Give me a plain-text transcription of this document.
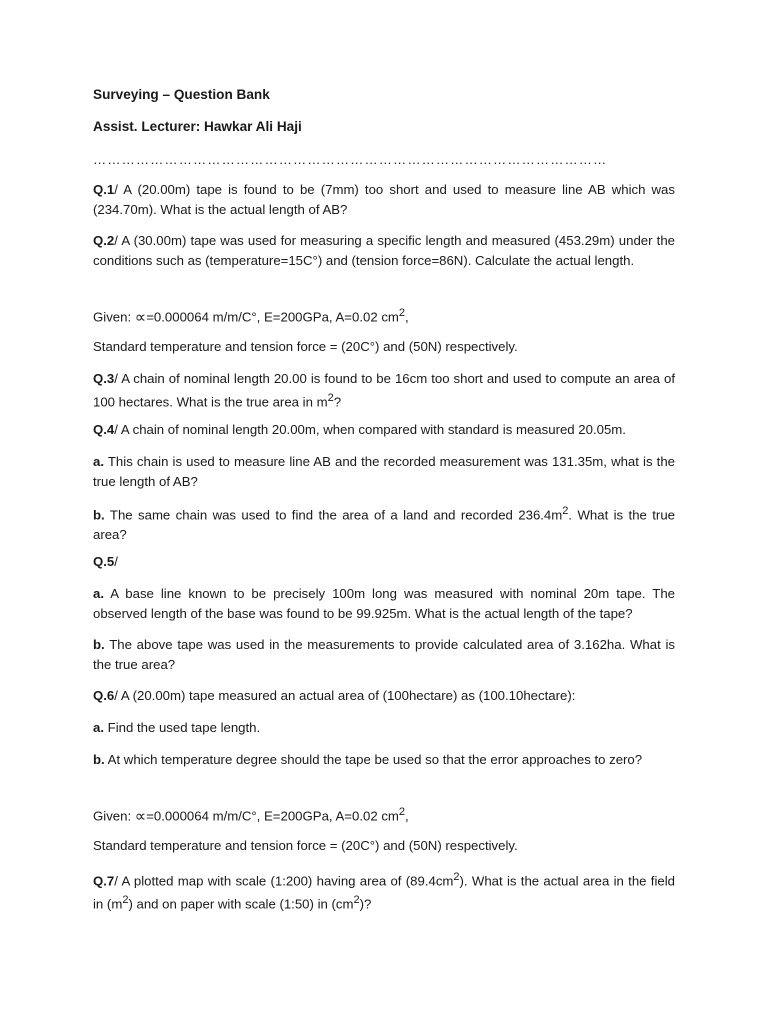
Surveying – Question Bank

Assist. Lecturer: Hawkar Ali Haji

………………………………………………………………………………………………

Q.1/ A (20.00m) tape is found to be (7mm) too short and used to measure line AB which was (234.70m). What is the actual length of AB?

Q.2/ A (30.00m) tape was used for measuring a specific length and measured (453.29m) under the conditions such as (temperature=15C°) and (tension force=86N). Calculate the actual length.

Given: ∝=0.000064 m/m/C°, E=200GPa, A=0.02 $cm^2$,

Standard temperature and tension force = (20C°) and (50N) respectively.

Q.3/ A chain of nominal length 20.00 is found to be 16cm too short and used to compute an area of 100 hectares. What is the true area in $m^2$?

Q.4/ A chain of nominal length 20.00m, when compared with standard is measured 20.05m.

a. This chain is used to measure line AB and the recorded measurement was 131.35m, what is the true length of AB?

b. The same chain was used to find the area of a land and recorded $236.4m^2$. What is the true area?

Q.5/

a. A base line known to be precisely 100m long was measured with nominal 20m tape. The observed length of the base was found to be 99.925m. What is the actual length of the tape?

b. The above tape was used in the measurements to provide calculated area of 3.162ha. What is the true area?

Q.6/ A (20.00m) tape measured an actual area of (100hectare) as (100.10hectare):

a. Find the used tape length.

b. At which temperature degree should the tape be used so that the error approaches to zero?

Given: ∝=0.000064 m/m/C°, E=200GPa, A=0.02 $cm^2$,

Standard temperature and tension force = (20C°) and (50N) respectively.

Q.7/ A plotted map with scale (1:200) having area of $(89.4cm^2)$. What is the actual area in the field in $(m^2)$ and on paper with scale (1:50) in $(cm^2)$?
